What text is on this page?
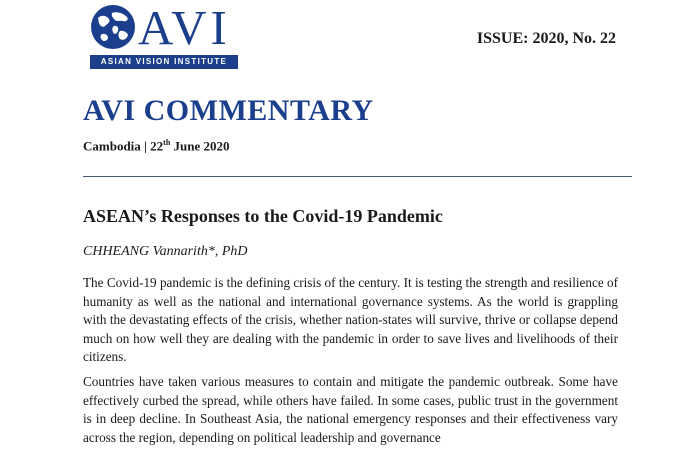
AVI
ASIAN VISION INSTITUTE
ISSUE: 2020, No. 22
AVI COMMENTARY
Cambodia | 22th June 2020
ASEAN’s Responses to the Covid-19 Pandemic
CHHEANG Vannarith*, PhD

The Covid-19 pandemic is the defining crisis of the century. It is testing the strength and resilience of humanity as well as the national and international governance systems. As the world is grappling with the devastating effects of the crisis, whether nation-states will survive, thrive or collapse depend much on how well they are dealing with the pandemic in order to save lives and livelihoods of their citizens.

Countries have taken various measures to contain and mitigate the pandemic outbreak. Some have effectively curbed the spread, while others have failed. In some cases, public trust in the government is in deep decline. In Southeast Asia, the national emergency responses and their effectiveness vary across the region, depending on political leadership and governance
